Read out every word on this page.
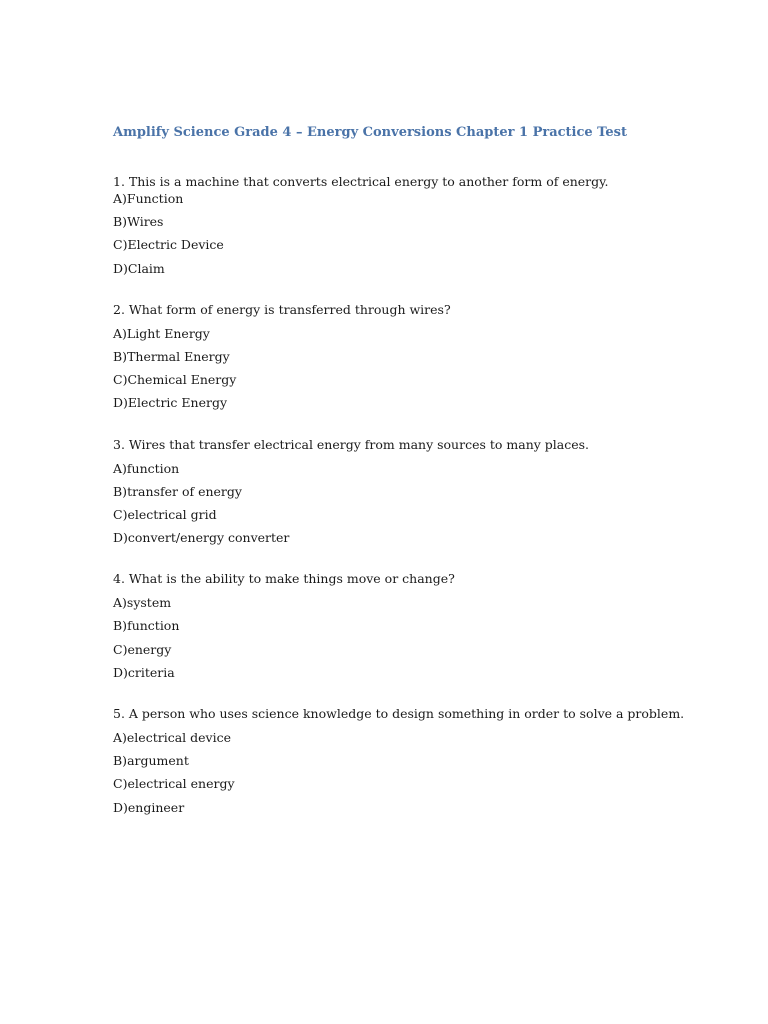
Amplify Science Grade 4 – Energy Conversions Chapter 1 Practice Test

1. This is a machine that converts electrical energy to another form of energy.

A)Function

B)Wires

C)Electric Device

D)Claim

2. What form of energy is transferred through wires?

A)Light Energy

B)Thermal Energy

C)Chemical Energy

D)Electric Energy

3. Wires that transfer electrical energy from many sources to many places.

A)function

B)transfer of energy

C)electrical grid

D)convert/energy converter

4. What is the ability to make things move or change?

A)system

B)function

C)energy

D)criteria

5. A person who uses science knowledge to design something in order to solve a problem.

A)electrical device

B)argument

C)electrical energy

D)engineer
